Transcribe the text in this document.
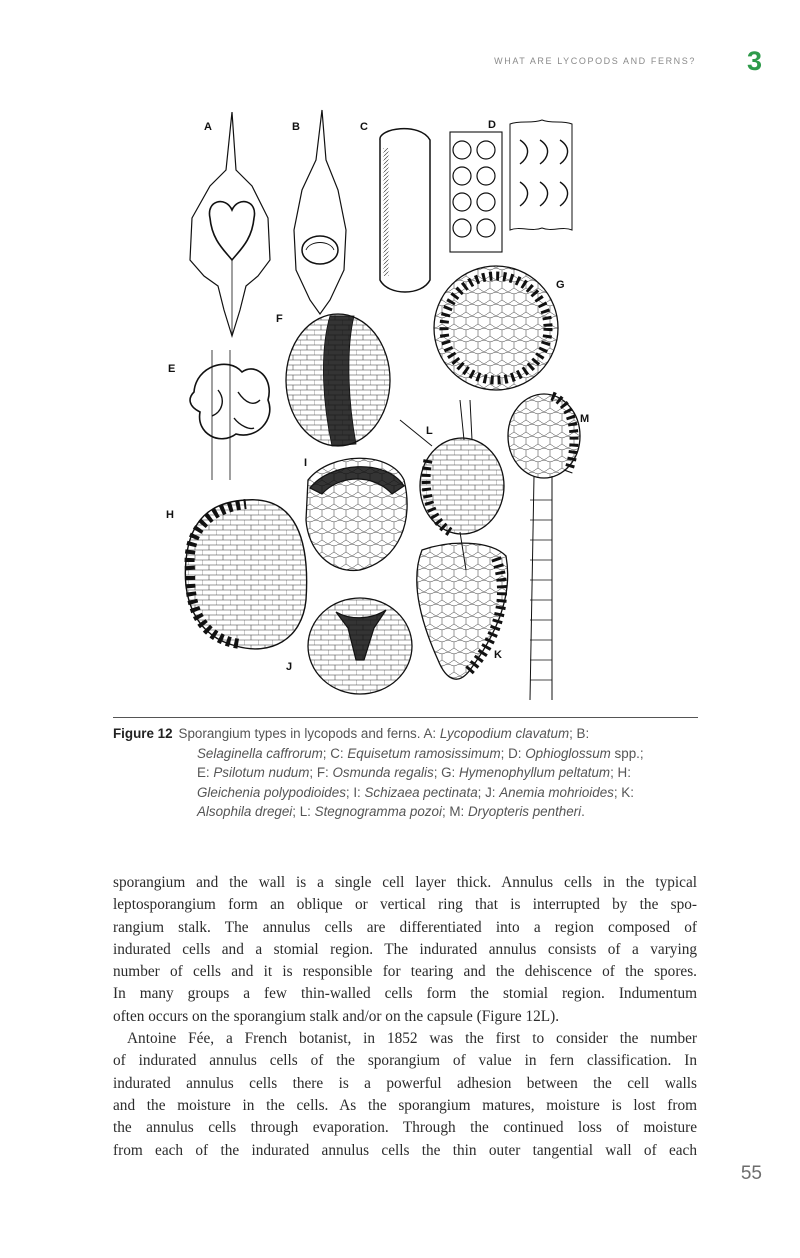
WHAT ARE LYCOPODS AND FERNS? 3
A	B	C	D
E
F
G
H
I
J
K
L
M
Figure 12 Sporangium types in lycopods and ferns. A: Lycopodium clavatum; B:
Selaginella caffrorum; C: Equisetum ramosissimum; D: Ophioglossum spp.;
E: Psilotum nudum; F: Osmunda regalis; G: Hymenophyllum peltatum; H:
Gleichenia polypodioides; I: Schizaea pectinata; J: Anemia mohrioides; K:
Alsophila dregei; L: Stegnogramma pozoi; M: Dryopteris pentheri.
sporangium and the wall is a single cell layer thick. Annulus cells in the typical
leptosporangium form an oblique or vertical ring that is interrupted by the spo-
rangium stalk. The annulus cells are differentiated into a region composed of
indurated cells and a stomial region. The indurated annulus consists of a varying
number of cells and it is responsible for tearing and the dehiscence of the spores.
In many groups a few thin-walled cells form the stomial region. Indumentum
often occurs on the sporangium stalk and/or on the capsule (Figure 12L).
Antoine Fée, a French botanist, in 1852 was the first to consider the number
of indurated annulus cells of the sporangium of value in fern classification. In
indurated annulus cells there is a powerful adhesion between the cell walls
and the moisture in the cells. As the sporangium matures, moisture is lost from
the annulus cells through evaporation. Through the continued loss of moisture
from each of the indurated annulus cells the thin outer tangential wall of each
55
